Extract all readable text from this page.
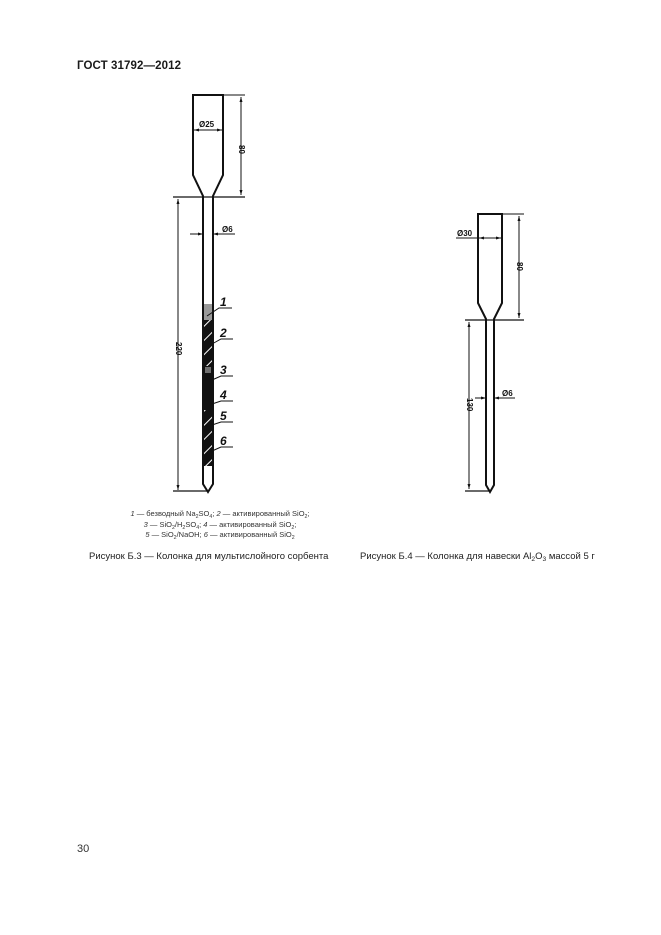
ГОСТ 31792—2012
Ø25
80
Ø6
220
1
2
3
4
5
6
Ø30
80
Ø6
130
1 — безводный $Na_2SO_4$; 2 — активированный SiO$_2$;
3 — $SiO_2/H_2SO_4$; 4 — активированный SiO$_2$;
5 — SiO$_2$/NaOH; 6 — активированный SiO$_2$
Рисунок Б.3 — Колонка для мультислойного сорбента	Рисунок Б.4 — Колонка для навески $Al_2O_3$ массой 5 г
30
